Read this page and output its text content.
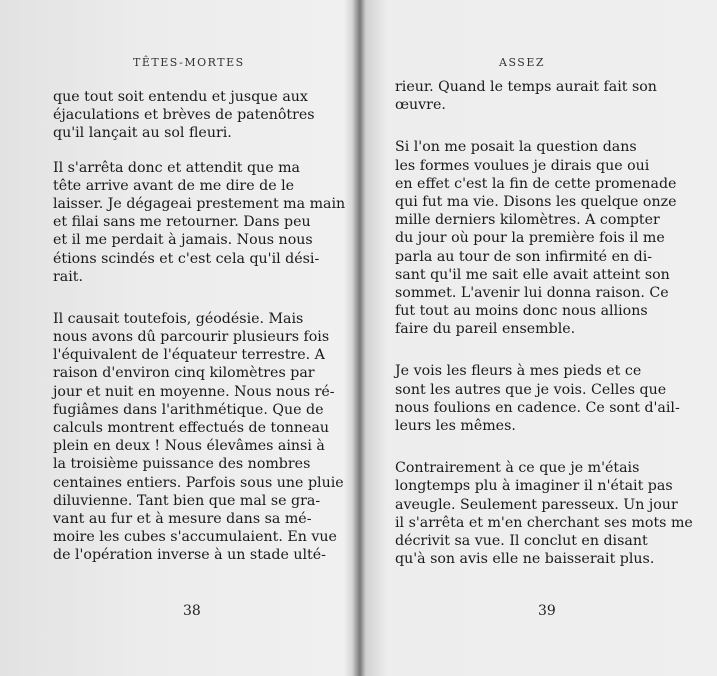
TÊTES-MORTES
que tout soit entendu et jusque aux
éjaculations et brèves de patenôtres
qu'il lançait au sol fleuri.
Il s'arrêta donc et attendit que ma
tête arrive avant de me dire de le
laisser. Je dégageai prestement ma main
et filai sans me retourner. Dans peu
et il me perdait à jamais. Nous nous
étions scindés et c'est cela qu'il dési-
rait.
Il causait toutefois, géodésie. Mais
nous avons dû parcourir plusieurs fois
l'équivalent de l'équateur terrestre. A
raison d'environ cinq kilomètres par
jour et nuit en moyenne. Nous nous ré-
fugiâmes dans l'arithmétique. Que de
calculs montrent effectués de tonneau
plein en deux ! Nous élevâmes ainsi à
la troisième puissance des nombres
centaines entiers. Parfois sous une pluie
diluvienne. Tant bien que mal se gra-
vant au fur et à mesure dans sa mé-
moire les cubes s'accumulaient. En vue
de l'opération inverse à un stade ulté-
38
ASSEZ
rieur. Quand le temps aurait fait son
œuvre.
Si l'on me posait la question dans
les formes voulues je dirais que oui
en effet c'est la fin de cette promenade
qui fut ma vie. Disons les quelque onze
mille derniers kilomètres. A compter
du jour où pour la première fois il me
parla au tour de son infirmité en di-
sant qu'il me sait elle avait atteint son
sommet. L'avenir lui donna raison. Ce
fut tout au moins donc nous allions
faire du pareil ensemble.
Je vois les fleurs à mes pieds et ce
sont les autres que je vois. Celles que
nous foulions en cadence. Ce sont d'ail-
leurs les mêmes.
Contrairement à ce que je m'étais
longtemps plu à imaginer il n'était pas
aveugle. Seulement paresseux. Un jour
il s'arrêta et m'en cherchant ses mots me
décrivit sa vue. Il conclut en disant
qu'à son avis elle ne baisserait plus.
39
